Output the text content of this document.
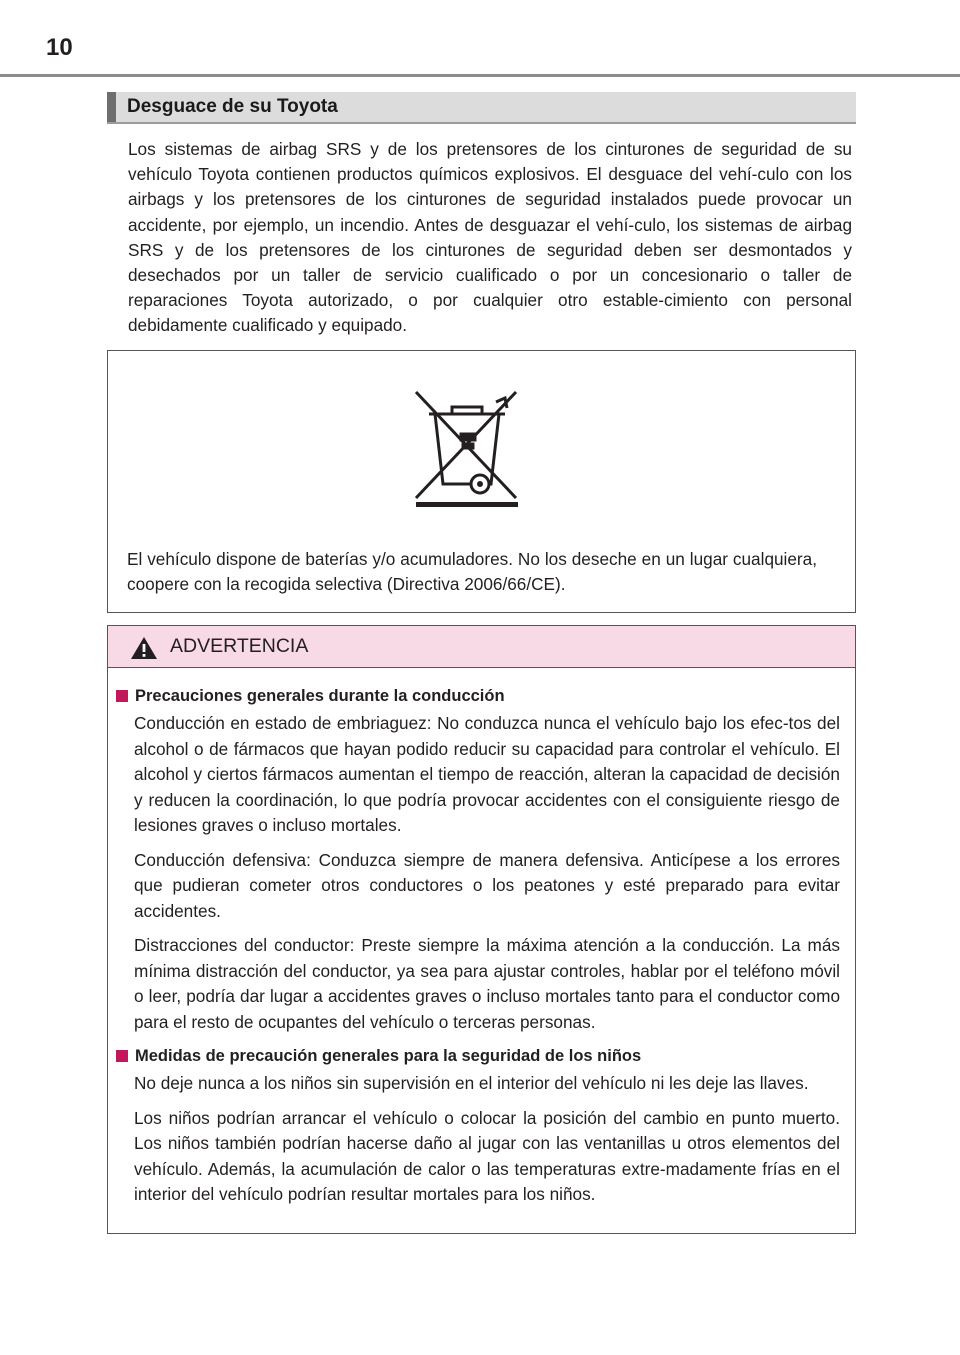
10
Desguace de su Toyota
Los sistemas de airbag SRS y de los pretensores de los cinturones de seguridad de su vehículo Toyota contienen productos químicos explosivos. El desguace del vehí-culo con los airbags y los pretensores de los cinturones de seguridad instalados puede provocar un accidente, por ejemplo, un incendio. Antes de desguazar el vehí-culo, los sistemas de airbag SRS y de los pretensores de los cinturones de seguridad deben ser desmontados y desechados por un taller de servicio cualificado o por un concesionario o taller de reparaciones Toyota autorizado, o por cualquier otro estable-cimiento con personal debidamente cualificado y equipado.
El vehículo dispone de baterías y/o acumuladores. No los deseche en un lugar cualquiera, coopere con la recogida selectiva (Directiva 2006/66/CE).
ADVERTENCIA
Precauciones generales durante la conducción

Conducción en estado de embriaguez: No conduzca nunca el vehículo bajo los efec-tos del alcohol o de fármacos que hayan podido reducir su capacidad para controlar el vehículo. El alcohol y ciertos fármacos aumentan el tiempo de reacción, alteran la capacidad de decisión y reducen la coordinación, lo que podría provocar accidentes con el consiguiente riesgo de lesiones graves o incluso mortales.

Conducción defensiva: Conduzca siempre de manera defensiva. Anticípese a los errores que pudieran cometer otros conductores o los peatones y esté preparado para evitar accidentes.

Distracciones del conductor: Preste siempre la máxima atención a la conducción. La más mínima distracción del conductor, ya sea para ajustar controles, hablar por el teléfono móvil o leer, podría dar lugar a accidentes graves o incluso mortales tanto para el conductor como para el resto de ocupantes del vehículo o terceras personas.

Medidas de precaución generales para la seguridad de los niños

No deje nunca a los niños sin supervisión en el interior del vehículo ni les deje las llaves.

Los niños podrían arrancar el vehículo o colocar la posición del cambio en punto muerto. Los niños también podrían hacerse daño al jugar con las ventanillas u otros elementos del vehículo. Además, la acumulación de calor o las temperaturas extre-madamente frías en el interior del vehículo podrían resultar mortales para los niños.
